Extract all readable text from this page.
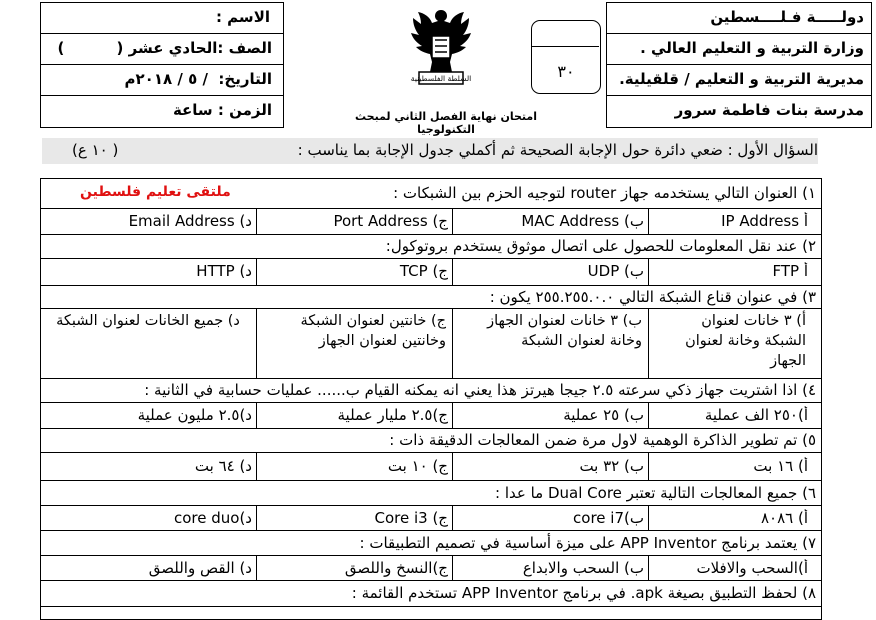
دولـــــة فـلــــسطين
وزارة التربية و التعليم العالي .
مديرية التربية و التعليم / قلقيلية.
مدرسة بنات فاطمة سرور
٣٠
السلطة الفلسطينية
امتحان نهاية الفصل الثاني لمبحث التكنولوجيا
الاسم :
الصف :الحادي عشر (          )
التاريخ:  / ٥ / ٢٠١٨م
الزمن : ساعة
السؤال الأول : ضعي دائرة حول الإجابة الصحيحة ثم أكملي جدول الإجابة بما يناسب :
( ١٠ ع)
ملتقى تعليم فلسطين	١) العنوان التالي يستخدمه جهاز router لتوجيه الحزم بين الشبكات :
أ IP Address
ب) MAC Address
ج) Port Address
د) Email Address
٢) عند نقل المعلومات للحصول على اتصال موثوق يستخدم بروتوكول:
أ FTP
ب) UDP
ج) TCP
د) HTTP
٣) في عنوان قناع الشبكة التالي ٢٥٥.٢٥٥.٠.٠ يكون :
أ) ٣ خانات لعنوان الشبكة وخانة لعنوان الجهاز
ب) ٣ خانات لعنوان الجهاز وخانة لعنوان الشبكة
ج) خانتين لعنوان الشبكة وخانتين لعنوان الجهاز
د) جميع الخانات لعنوان الشبكة
٤) اذا اشتريت جهاز ذكي سرعته ٢.٥ جيجا هيرتز هذا يعني انه يمكنه القيام ب...... عمليات حسابية في الثانية :
أ)٢٥٠ الف عملية
ب) ٢٥ عملية
ج)٢.٥ مليار عملية
د)٢.٥ مليون عملية
٥) تم تطوير الذاكرة الوهمية لاول مرة ضمن المعالجات الدقيقة ذات :
أ) ١٦ بت
ب) ٣٢ بت
ج) ١٠ بت
د) ٦٤ بت
٦) جميع المعالجات التالية تعتبر Dual Core ما عدا :
أ) ٨٠٨٦
ب)core i7
ج) Core i3
د)core duo
٧) يعتمد برنامج APP Inventor على ميزة أساسية في تصميم التطبيقات :
أ)السحب والافلات
ب) السحب والابداع
ج)النسخ واللصق
د) القص واللصق
٨) لحفظ التطبيق بصيغة apk. في برنامج APP Inventor تستخدم القائمة :
